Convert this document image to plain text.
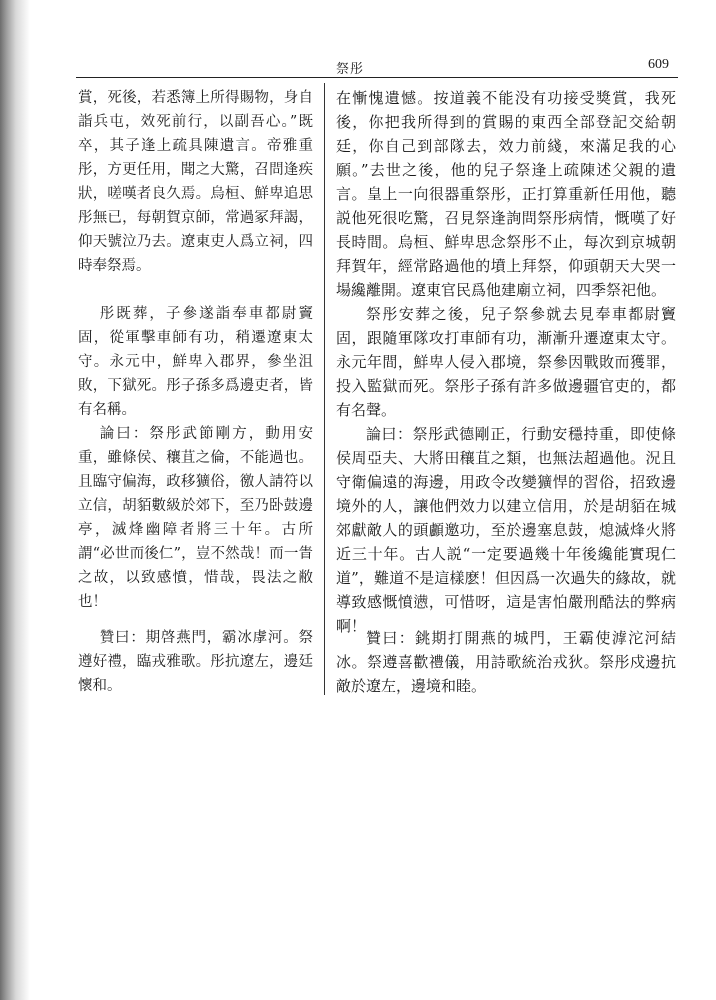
祭彤	609

賞，死後，若悉簿上所得賜物，身自詣兵屯，效死前行，以副吾心。”既卒，其子逢上疏具陳遺言。帝雅重彤，方更任用，聞之大驚，召問逢疾狀，嗟嘆者良久焉。烏桓、鮮卑追思彤無已，每朝賀京師，常過冢拜謁，仰天號泣乃去。遼東吏人爲立祠，四時奉祭焉。

彤既葬，子參遂詣奉車都尉竇固，從軍擊車師有功，稍遷遼東太守。永元中，鮮卑入郡界，參坐沮敗，下獄死。彤子孫多爲邊吏者，皆有名稱。

論曰：祭彤武節剛方，動用安重，雖條侯、穰苴之倫，不能過也。且臨守偏海，政移獷俗，徼人請符以立信，胡貊數級於郊下，至乃卧鼓邊亭，滅烽幽障者將三十年。古所謂“必世而後仁”，豈不然哉！而一眚之故，以致感憤，惜哉，畏法之敝也！

贊曰：期啓燕門，霸冰虖河。祭遵好禮，臨戎雅歌。彤抗遼左，邊廷懷和。

在慚愧遺憾。按道義不能没有功接受獎賞，我死後，你把我所得到的賞賜的東西全部登記交給朝廷，你自己到部隊去，效力前綫，來滿足我的心願。”去世之後，他的兒子祭逢上疏陳述父親的遺言。皇上一向很器重祭彤，正打算重新任用他，聽説他死很吃驚，召見祭逢詢問祭彤病情，慨嘆了好長時間。烏桓、鮮卑思念祭彤不止，每次到京城朝拜賀年，經常路過他的墳上拜祭，仰頭朝天大哭一場纔離開。遼東官民爲他建廟立祠，四季祭祀他。

祭彤安葬之後，兒子祭參就去見奉車都尉竇固，跟隨軍隊攻打車師有功，漸漸升遷遼東太守。永元年間，鮮卑人侵入郡境，祭參因戰敗而獲罪，投入監獄而死。祭彤子孫有許多做邊疆官吏的，都有名聲。

論曰：祭彤武德剛正，行動安穩持重，即使條侯周亞夫、大將田穰苴之類，也無法超過他。況且守衛偏遠的海邊，用政令改變獷悍的習俗，招致邊境外的人，讓他們效力以建立信用，於是胡貊在城郊獻敵人的頭顱邀功，至於邊塞息鼓，熄滅烽火將近三十年。古人説“一定要過幾十年後纔能實現仁道”，難道不是這樣麽！但因爲一次過失的緣故，就導致感慨憤懑，可惜呀，這是害怕嚴刑酷法的弊病啊！

贊曰：銚期打開燕的城門，王霸使滹沱河結冰。祭遵喜歡禮儀，用詩歌統治戎狄。祭彤戍邊抗敵於遼左，邊境和睦。
